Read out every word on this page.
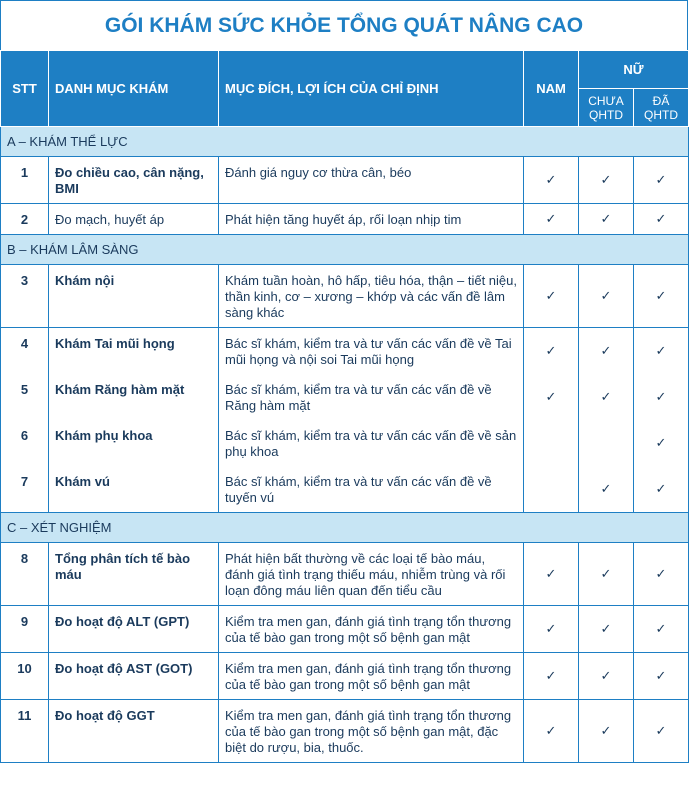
GÓI KHÁM SỨC KHỎE TỔNG QUÁT NÂNG CAO
STT	DANH MỤC KHÁM	MỤC ĐÍCH, LỢI ÍCH CỦA CHỈ ĐỊNH	NAM	NỮ	
				CHƯA QHTD	ĐÃ QHTD
A – KHÁM THỂ LỰC					
1	Đo chiều cao, cân nặng, BMI	Đánh giá nguy cơ thừa cân, béo	✓	✓	✓
2	Đo mạch, huyết áp	Phát hiện tăng huyết áp, rối loạn nhịp tim	✓	✓	✓
B – KHÁM LÂM SÀNG					
3	Khám nội	Khám tuần hoàn, hô hấp, tiêu hóa, thận – tiết niệu, thần kinh, cơ – xương – khớp và các vấn đề lâm sàng khác	✓	✓	✓
4	Khám Tai mũi họng	Bác sĩ khám, kiểm tra và tư vấn các vấn đề về Tai mũi họng và nội soi Tai mũi họng	✓	✓	✓
5	Khám Răng hàm mặt	Bác sĩ khám, kiểm tra và tư vấn các vấn đề về Răng hàm mặt	✓	✓	✓
6	Khám phụ khoa	Bác sĩ khám, kiểm tra và tư vấn các vấn đề về sản phụ khoa			✓
7	Khám vú	Bác sĩ khám, kiểm tra và tư vấn các vấn đề về tuyến vú		✓	✓
C – XÉT NGHIỆM					
8	Tổng phân tích tế bào máu	Phát hiện bất thường về các loại tế bào máu, đánh giá tình trạng thiếu máu, nhiễm trùng và rối loạn đông máu liên quan đến tiểu cầu	✓	✓	✓
9	Đo hoạt độ ALT (GPT)	Kiểm tra men gan, đánh giá tình trạng tổn thương của tế bào gan trong một số bệnh gan mật	✓	✓	✓
10	Đo hoạt độ AST (GOT)	Kiểm tra men gan, đánh giá tình trạng tổn thương của tế bào gan trong một số bệnh gan mật	✓	✓	✓
11	Đo hoạt độ GGT	Kiểm tra men gan, đánh giá tình trạng tổn thương của tế bào gan trong một số bệnh gan mật, đặc biệt do rượu, bia, thuốc.	✓	✓	✓
